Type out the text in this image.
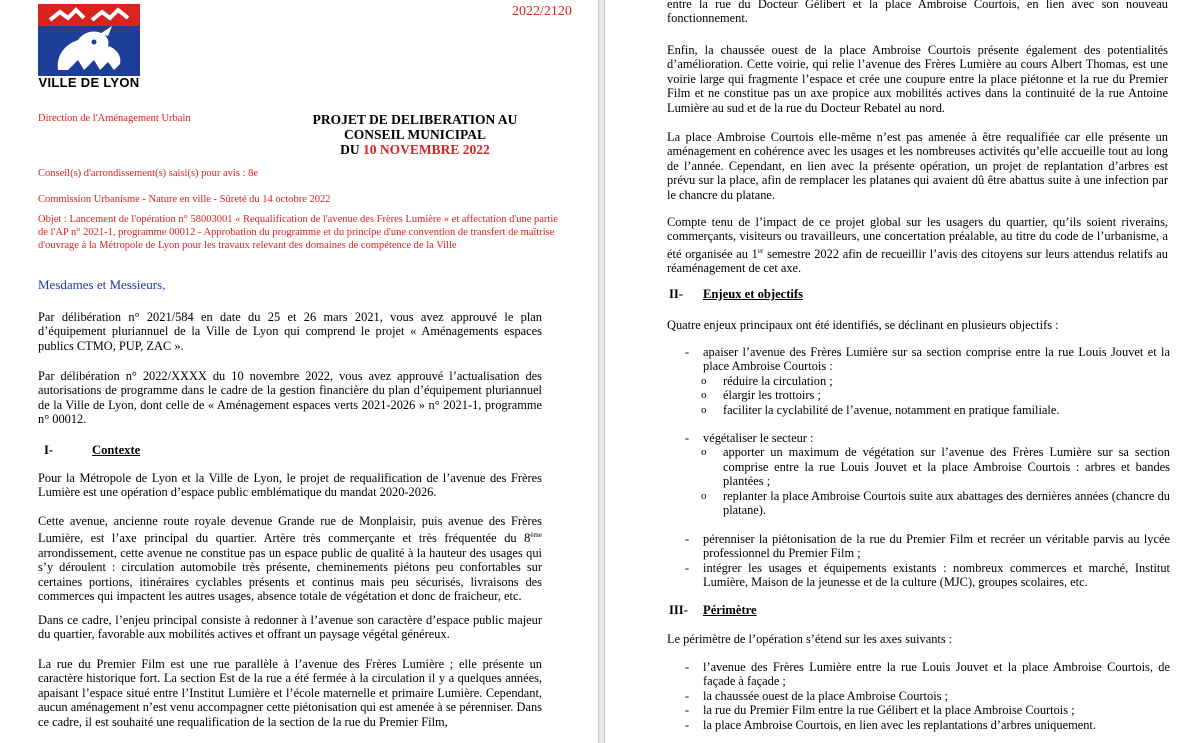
VILLE DE LYON
2022/2120
Direction de l'Aménagement Urbain	PROJET DE DELIBERATION AU
CONSEIL MUNICIPAL
DU 10 NOVEMBRE 2022
Conseil(s) d'arrondissement(s) saisi(s) pour avis : 8e
Commission Urbanisme - Nature en ville - Sûreté du 14 octobre 2022
Objet : Lancement de l'opération n° 58003001 « Requalification de l'avenue des Frères Lumière » et affectation d'une partie de l'AP n° 2021-1, programme 00012 - Approbation du programme et du principe d'une convention de transfert de maîtrise d'ouvrage à la Métropole de Lyon pour les travaux relevant des domaines de compétence de la Ville
Mesdames et Messieurs,
Par délibération n° 2021/584 en date du 25 et 26 mars 2021, vous avez approuvé le plan d’équipement pluriannuel de la Ville de Lyon qui comprend le projet « Aménagements espaces publics CTMO, PUP, ZAC ».
Par délibération n° 2022/XXXX du 10 novembre 2022, vous avez approuvé l’actualisation des autorisations de programme dans le cadre de la gestion financière du plan d’équipement pluriannuel de la Ville de Lyon, dont celle de « Aménagement espaces verts 2021-2026 » n° 2021-1, programme n° 00012.
I-	Contexte
Pour la Métropole de Lyon et la Ville de Lyon, le projet de requalification de l’avenue des Frères Lumière est une opération d’espace public emblématique du mandat 2020-2026.
Cette avenue, ancienne route royale devenue Grande rue de Monplaisir, puis avenue des Frères Lumière, est l’axe principal du quartier. Artère très commerçante et très fréquentée du 8ème arrondissement, cette avenue ne constitue pas un espace public de qualité à la hauteur des usages qui s’y déroulent : circulation automobile très présente, cheminements piétons peu confortables sur certaines portions, itinéraires cyclables présents et continus mais peu sécurisés, livraisons des commerces qui impactent les autres usages, absence totale de végétation et donc de fraicheur, etc.
Dans ce cadre, l’enjeu principal consiste à redonner à l’avenue son caractère d’espace public majeur du quartier, favorable aux mobilités actives et offrant un paysage végétal généreux.
La rue du Premier Film est une rue parallèle à l’avenue des Frères Lumière ; elle présente un caractère historique fort. La section Est de la rue a été fermée à la circulation il y a quelques années, apaisant l’espace situé entre l’Institut Lumière et l’école maternelle et primaire Lumière. Cependant, aucun aménagement n’est venu accompagner cette piétonisation qui est amenée à se pérenniser. Dans ce cadre, il est souhaité une requalification de la section de la rue du Premier Film,
entre la rue du Docteur Gélibert et la place Ambroise Courtois, en lien avec son nouveau fonctionnement.
Enfin, la chaussée ouest de la place Ambroise Courtois présente également des potentialités d’amélioration. Cette voirie, qui relie l’avenue des Frères Lumière au cours Albert Thomas, est une voirie large qui fragmente l’espace et crée une coupure entre la place piétonne et la rue du Premier Film et ne constitue pas un axe propice aux mobilités actives dans la continuité de la rue Antoine Lumière au sud et de la rue du Docteur Rebatel au nord.
La place Ambroise Courtois elle-même n’est pas amenée à être requalifiée car elle présente un aménagement en cohérence avec les usages et les nombreuses activités qu’elle accueille tout au long de l’année. Cependant, en lien avec la présente opération, un projet de replantation d’arbres est prévu sur la place, afin de remplacer les platanes qui avaient dû être abattus suite à une infection par le chancre du platane.
Compte tenu de l’impact de ce projet global sur les usagers du quartier, qu’ils soient riverains, commerçants, visiteurs ou travailleurs, une concertation préalable, au titre du code de l’urbanisme, a été organisée au 1er semestre 2022 afin de recueillir l’avis des citoyens sur leurs attendus relatifs au réaménagement de cet axe.
II-	Enjeux et objectifs
Quatre enjeux principaux ont été identifiés, se déclinant en plusieurs objectifs :
- apaiser l’avenue des Frères Lumière sur sa section comprise entre la rue Louis Jouvet et la place Ambroise Courtois :
o réduire la circulation ;
o élargir les trottoirs ;
o faciliter la cyclabilité de l’avenue, notamment en pratique familiale.
- végétaliser le secteur :
o apporter un maximum de végétation sur l’avenue des Frères Lumière sur sa section comprise entre la rue Louis Jouvet et la place Ambroise Courtois : arbres et bandes plantées ;
o replanter la place Ambroise Courtois suite aux abattages des dernières années (chancre du platane).
- pérenniser la piétonisation de la rue du Premier Film et recréer un véritable parvis au lycée professionnel du Premier Film ;
- intégrer les usages et équipements existants : nombreux commerces et marché, Institut Lumière, Maison de la jeunesse et de la culture (MJC), groupes scolaires, etc.
III-	Périmètre
Le périmètre de l’opération s’étend sur les axes suivants :
- l’avenue des Frères Lumière entre la rue Louis Jouvet et la place Ambroise Courtois, de façade à façade ;
- la chaussée ouest de la place Ambroise Courtois ;
- la rue du Premier Film entre la rue Gélibert et la place Ambroise Courtois ;
- la place Ambroise Courtois, en lien avec les replantations d’arbres uniquement.
